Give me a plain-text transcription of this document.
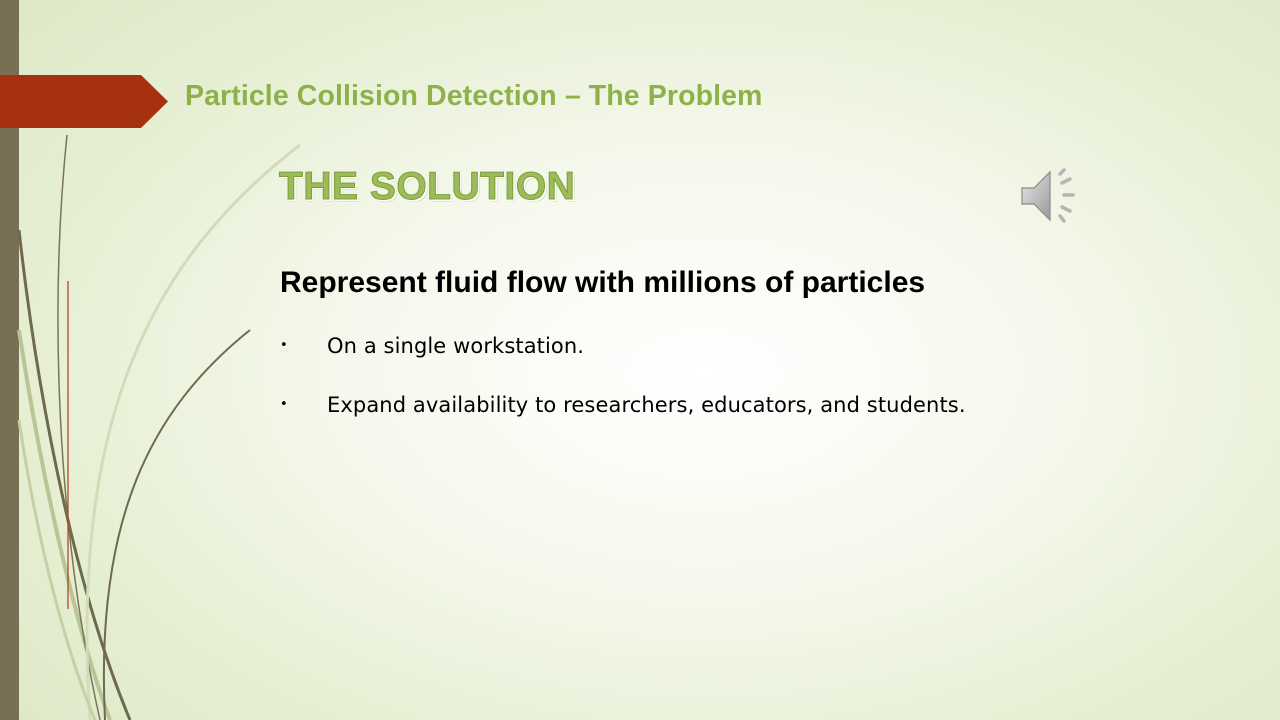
Particle Collision Detection – The Problem
THE SOLUTION
Represent fluid flow with millions of particles
• On a single workstation.
• Expand availability to researchers, educators, and students.
